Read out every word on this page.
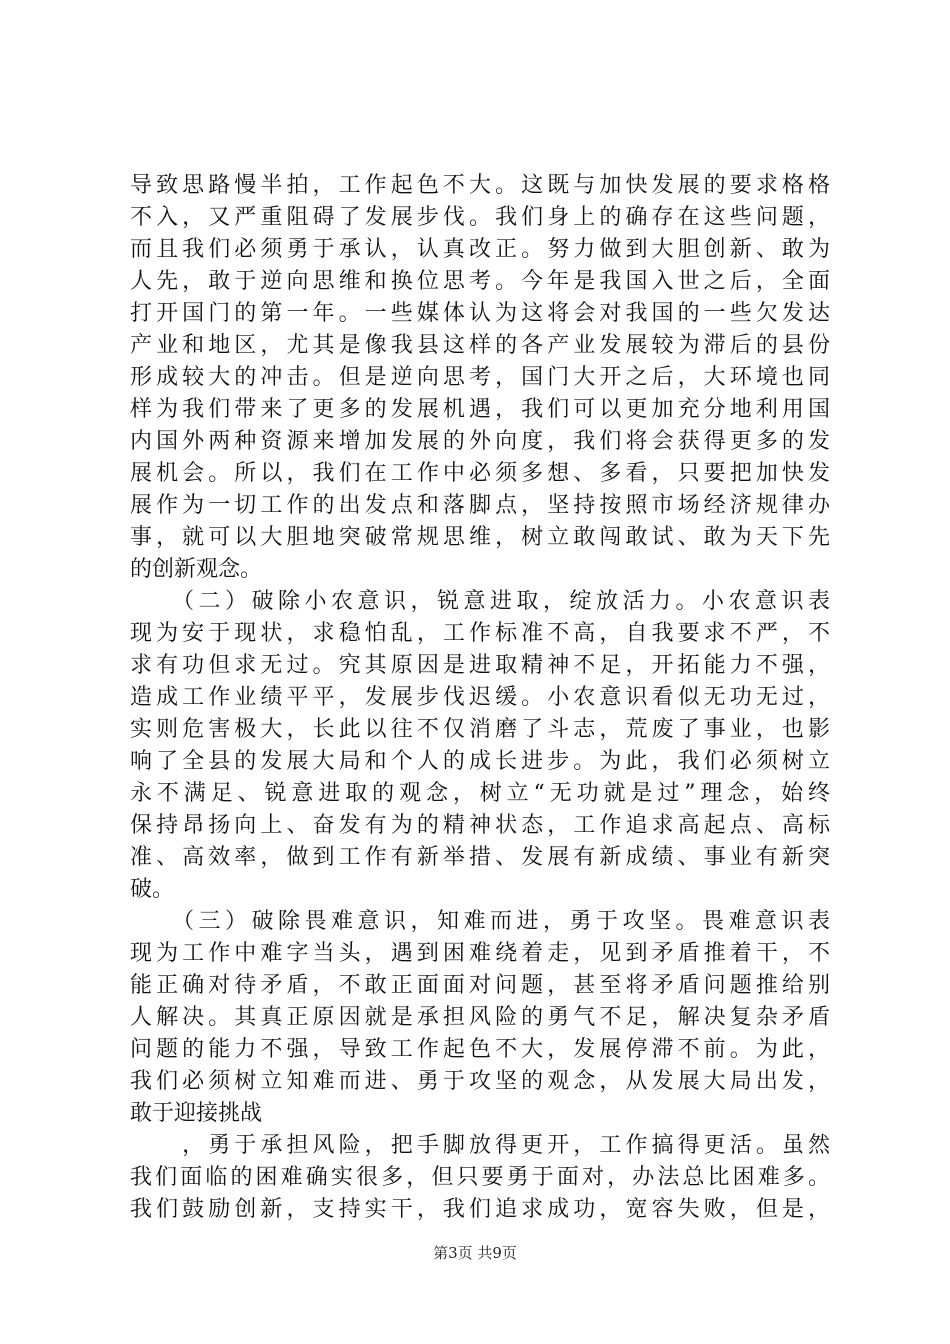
导致思路慢半拍，工作起色不大。这既与加快发展的要求格格
不入，又严重阻碍了发展步伐。我们身上的确存在这些问题，
而且我们必须勇于承认，认真改正。努力做到大胆创新、敢为
人先，敢于逆向思维和换位思考。今年是我国入世之后，全面
打开国门的第一年。一些媒体认为这将会对我国的一些欠发达
产业和地区，尤其是像我县这样的各产业发展较为滞后的县份
形成较大的冲击。但是逆向思考，国门大开之后，大环境也同
样为我们带来了更多的发展机遇，我们可以更加充分地利用国
内国外两种资源来增加发展的外向度，我们将会获得更多的发
展机会。所以，我们在工作中必须多想、多看，只要把加快发
展作为一切工作的出发点和落脚点，坚持按照市场经济规律办
事，就可以大胆地突破常规思维，树立敢闯敢试、敢为天下先
的创新观念。
　　（二）破除小农意识，锐意进取，绽放活力。小农意识表
现为安于现状，求稳怕乱，工作标准不高，自我要求不严，不
求有功但求无过。究其原因是进取精神不足，开拓能力不强，
造成工作业绩平平，发展步伐迟缓。小农意识看似无功无过，
实则危害极大，长此以往不仅消磨了斗志，荒废了事业，也影
响了全县的发展大局和个人的成长进步。为此，我们必须树立
永不满足、锐意进取的观念，树立“无功就是过”理念，始终
保持昂扬向上、奋发有为的精神状态，工作追求高起点、高标
准、高效率，做到工作有新举措、发展有新成绩、事业有新突
破。
　　（三）破除畏难意识，知难而进，勇于攻坚。畏难意识表
现为工作中难字当头，遇到困难绕着走，见到矛盾推着干，不
能正确对待矛盾，不敢正面面对问题，甚至将矛盾问题推给别
人解决。其真正原因就是承担风险的勇气不足，解决复杂矛盾
问题的能力不强，导致工作起色不大，发展停滞不前。为此，
我们必须树立知难而进、勇于攻坚的观念，从发展大局出发，
敢于迎接挑战
　　，勇于承担风险，把手脚放得更开，工作搞得更活。虽然
我们面临的困难确实很多，但只要勇于面对，办法总比困难多。
我们鼓励创新，支持实干，我们追求成功，宽容失败，但是，
第3页 共9页
